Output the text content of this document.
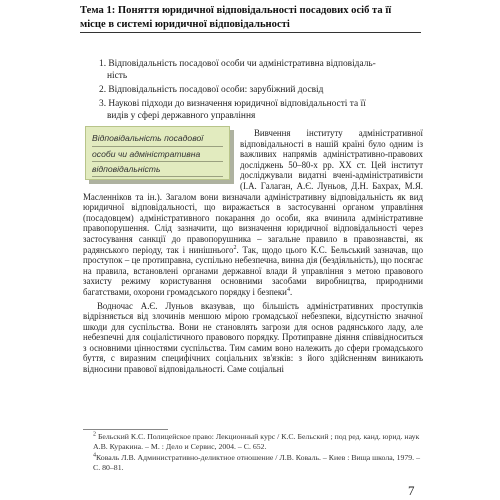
Тема 1: Поняття юридичної відповідальності посадових осіб та її
місце в системі юридичної відповідальності
1. Відповідальність посадової особи чи адміністративна відповідаль-
ність
2. Відповідальність посадової особи: зарубіжний досвід
3. Наукові підходи до визначення юридичної відповідальності та її
видів у сфері державного управління

Вивчення інституту адміністративної відповідальності в нашій країні було одним із важливих напрямів адміністративно-правових досліджень 50–80-х рр. XX ст. Цей інститут досліджували видатні вчені-адміністративісти (І.А. Галаган, А.Є. Луньов, Д.Н. Бахрах, М.Я. Масленніков та ін.). Загалом вони визначали адміністративну відповідальність як вид юридичної відповідальності, що виражається в застосуванні органом управління (посадовцем) адміністративного покарання до особи, яка вчинила адміністративне правопорушення. Слід зазначити, що визначення юридичної відповідальності через застосування санкції до правопорушника – загальне правило в правознавстві, як радянського періоду, так і нинішнього$^2$. Так, щодо цього К.С. Бельський зазначав, що проступок – це протиправна, суспільно небезпечна, винна дія (бездіяльність), що посягає на правила, встановлені органами державної влади й управління з метою правового захисту режиму користування основними засобами виробництва, природними багатствами, охорони громадського порядку і безпеки$^4$.

Водночас А.Є. Луньов вказував, що більшість адміністративних проступків відрізняється від злочинів меншою мірою громадської небезпеки, відсутністю значної шкоди для суспільства. Вони не становлять загрози для основ радянського ладу, але небезпечні для соціалістичного правового порядку. Протиправне діяння співвідноситься з основними цінностями суспільства. Тим самим воно належить до сфери громадського буття, с виразним специфічних соціальних зв'язків: з його здійсненням виникають відносини правової відповідальності. Саме соціальні

Відповідальність посадової
особи чи адміністративна
відповідальність

$^2$ Бельский К.С. Полицейское право: Лекционный курс / К.С. Бельский ; под ред. канд. юрид. наук А.В. Куракина. – М. : Дело и Сервис, 2004. – С. 652.

$^4$Коваль Л.В. Административно-деликтное отношение / Л.В. Коваль. – Киев : Вища школа, 1979. – С. 80–81.

7
